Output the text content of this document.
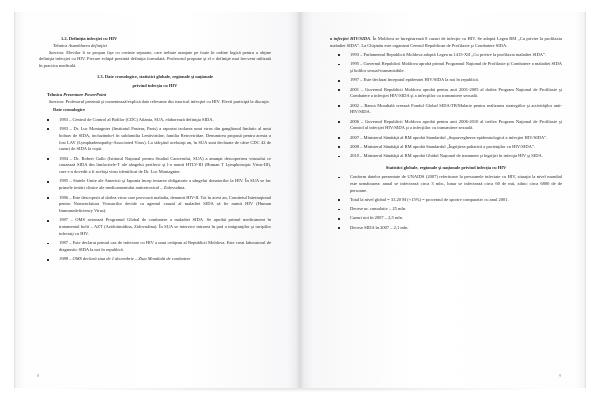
1.2. Definiţia infecţiei cu HIV

Tehnica Asamblarea definiţiei

Sarcina: Elevilor li se propun fişe cu cuvinte separate, care trebuie aranjate pe foaie în ordine logică pentru a obţine definiţia infecţiei cu HIV. Fiecare echipă prezintă definiţia formulată. Profesorul propune şi el o definiţie mai frecvent utilizată în practica medicală.

1.3. Date cronologice, statistici globale, regionale şi naţionale

privind infecţia cu HIV

Tehnica Prezentare PowerPoint

Sarcina: Profesorul prezintă şi comentează/explică date relevante din istoricul infecţiei cu HIV. Elevii participă la discuţie.

Date cronologice

1983 – Centrul de Control al Bolilor (CDC) Atlanta, SUA, elaborează definiţia SIDA.
1983 – Dr. Luc Montagnier (Institutul Pasteur, Paris) a raportat izolarea unui virus din ganglionul limfatic al unui bolnav de SIDA, incluzându-l în subfamilia Lentiviridae, familia Retroviridae. Denumirea propusă pentru acesta a fost LAV (Lymphadenopathy-Associated Virus). La sfârşitul aceluiaşi an, în SUA sunt declarate de către CDC 42 de cazuri de SIDA la copii.
1984 – Dr. Robert Gallo (Istitutul Naţional pentru Studiul Cancerului, SUA) a anunţat descoperirea virusului ce cauzează SIDA din limfocitele-T ale sângelui periferic şi l-a numit HTLV-III (Human T Lymphotropic Virus-III), care s-a dovedit a fi acelaşi virus identificat de Dr. Luc Montagnier.
1985 – Statele Unite ale Americii şi Japonia încep testarea obligatorie a sângelui donatorilor la HIV. În SUA se fac primele testări clinice ale medicamentului antiretroviral – Zidovudina.
1986 – Este descoperit al doilea virus care provoacă maladia, denumit HIV-II. Tot în acest an, Comitetul Internaţional pentru Nomenclatura Virusurilor decide ca agentul cauzal al maladiei SIDA să fie numit HIV (Human Immunodeficiency Virus).
1987 – OMS avizează Programul Global de combatere a maladiei SIDA. Se aprobă primul medicament în tratamentul bolii – AZT (Azidotimidina, Zidovudina). În SUA se interzice intrarea în ţară a imigranţilor şi turiştilor infectaţi cu HIV.
1987 – Este declarat primul caz de infectare cu HIV a unui cetăţean al Republicii Moldova. Este creat laboratorul de diagnostic SIDA la noi în republică.
1988 – OMS declară ziua de 1 decembrie – Ziua Mondială de combatere
8

a infecţiei HIV/SIDA. În Moldova se înregistrează 8 cazuri de infecţie cu HIV. Se adoptă Legea RM „Cu privire la profilaxia maladiei SIDA”. La Chişinău este organizat Centrul Republican de Profilaxie şi Combatere SIDA.

1993 – Parlamentul Republicii Moldova adoptă Legea nr.1415-XII „Cu privire la profilaxia maladiei SIDA”.
1995 – Guvernul Republicii Moldova aprobă primul Programul Naţional de Profilaxie şi Combatere a maladiei SIDA şi bolilor sexual-transmisibile.
1997 – Este declarat începutul epidemiei HIV/SIDA la noi în republică.
2001 – Guvernul Republicii Moldova aprobă pentru anii 2001-2005 al doilea Program Naţional de Profilaxie şi Combatere a infecţiei HIV/SIDA şi a infecţiilor cu transmitere sexuală.
2002 – Banca Mondială creează Fondul Global SIDA/TB/Malarie pentru realizarea strategiilor şi activităţilor anti-HIV/SIDA.
2006 – Guvernul Republicii Moldova aprobă pentru anii 2006-2010 al treilea Program Naţional de Profilaxie şi Control al infecţiei HIV/SIDA şi a infecţiilor cu transmitere sexuală.
2007 – Ministerul Sănătăţii al RM aprobă Standardul „Supravegherea epidemiologică a infecţiei HIV/SIDA”.
2008 – Ministerul Sănătăţii al RM aprobă Standardul „Îngrijirea paliativă a pacienţilor cu HIV/SIDA”.
2010 – Ministerul Sănătăţii al RM aprobă Ghidul Naţional de tratament şi îngrijiri în infecţia HIV şi SIDA.

Statistici globale, regionale şi naţionale privind infecţia cu HIV

Conform datelor prezentate de UNAIDS (2007) referitoare la persoanele infectate cu HIV, situaţia la nivel mondial este următoarea: anual se infectează circa 3 mln., lunar se infectează circa 60 de mii, zilnic circa 6800 de de persoane.
Total la nivel global = 33.20 M (+15%) = procentul de sporire comparativ cu anul 2001.
Decese nr. cumulativ – 25 mln.
Cazuri noi în 2007 – 2,5 mln.
Decese SIDA în 2007 – 2,1 mln.
9
